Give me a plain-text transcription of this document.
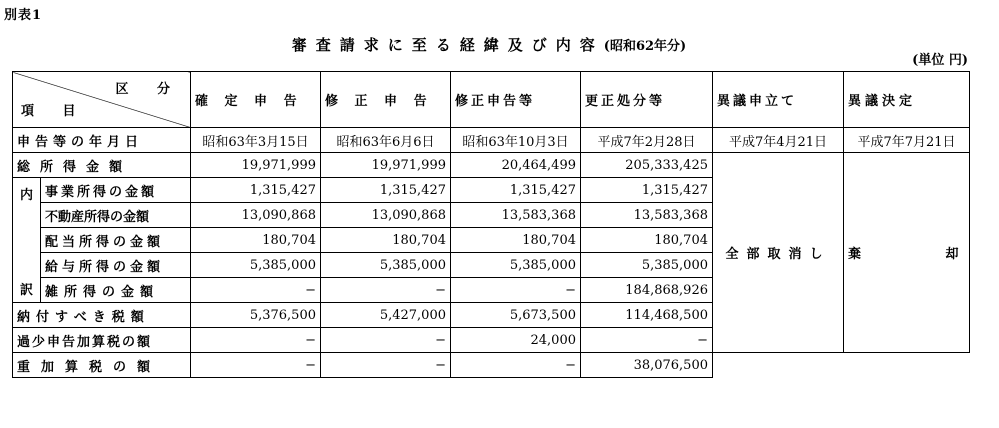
別表1
審査請求に至る経緯及び内容(昭和62年分)
(単位 円)
区 分
項 目		確 定 申 告	修 正 申 告	修正申告等	更正処分等	異議申立て	異議決定
申告等の年月日		昭和63年3月15日	昭和63年6月6日	昭和63年10月3日	平成7年2月28日	平成7年4月21日	平成7年7月21日
総所得金額		19,971,999	19,971,999	20,464,499	205,333,425	全部取消し	棄 却

内
訳	事業所得の金額	1,315,427	1,315,427	1,315,427	1,315,427		
	不動産所得の金額	13,090,868	13,090,868	13,583,368	13,583,368		
	配当所得の金額	180,704	180,704	180,704	180,704		
	給与所得の金額	5,385,000	5,385,000	5,385,000	5,385,000		
	雑所得の金額	−	−	−	184,868,926		
納付すべき税額		5,376,500	5,427,000	5,673,500	114,468,500		
過少申告加算税の額		−	−	24,000	−		
重加算税の額		−	−	−	38,076,500		
